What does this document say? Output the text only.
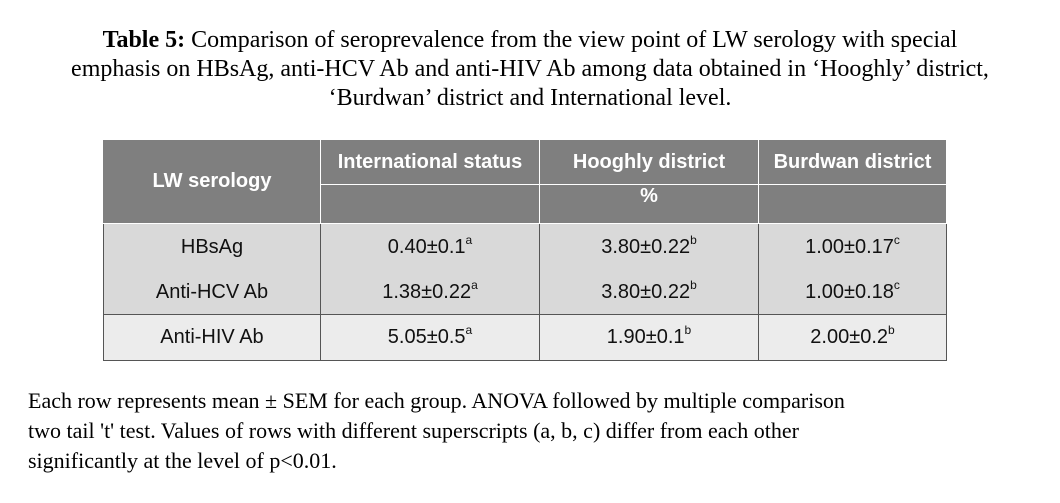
Table 5: Comparison of seroprevalence from the view point of LW serology with special
emphasis on HBsAg, anti-HCV Ab and anti-HIV Ab among data obtained in ‘Hooghly’ district,
‘Burdwan’ district and International level.
LW serology	International status	Hooghly district	Burdwan district
		%	
HBsAg	0.40±0.1$^a$	3.80±0.22$^b$	1.00±0.17$^c$
Anti-HCV Ab	1.38±0.22$^a$	3.80±0.22$^b$	1.00±0.18$^c$
Anti-HIV Ab	5.05±0.5$^a$	1.90±0.1$^b$	2.00±0.2$^b$
Each row represents mean ± SEM for each group. ANOVA followed by multiple comparison
two tail 't' test. Values of rows with different superscripts (a, b, c) differ from each other
significantly at the level of p<0.01.
